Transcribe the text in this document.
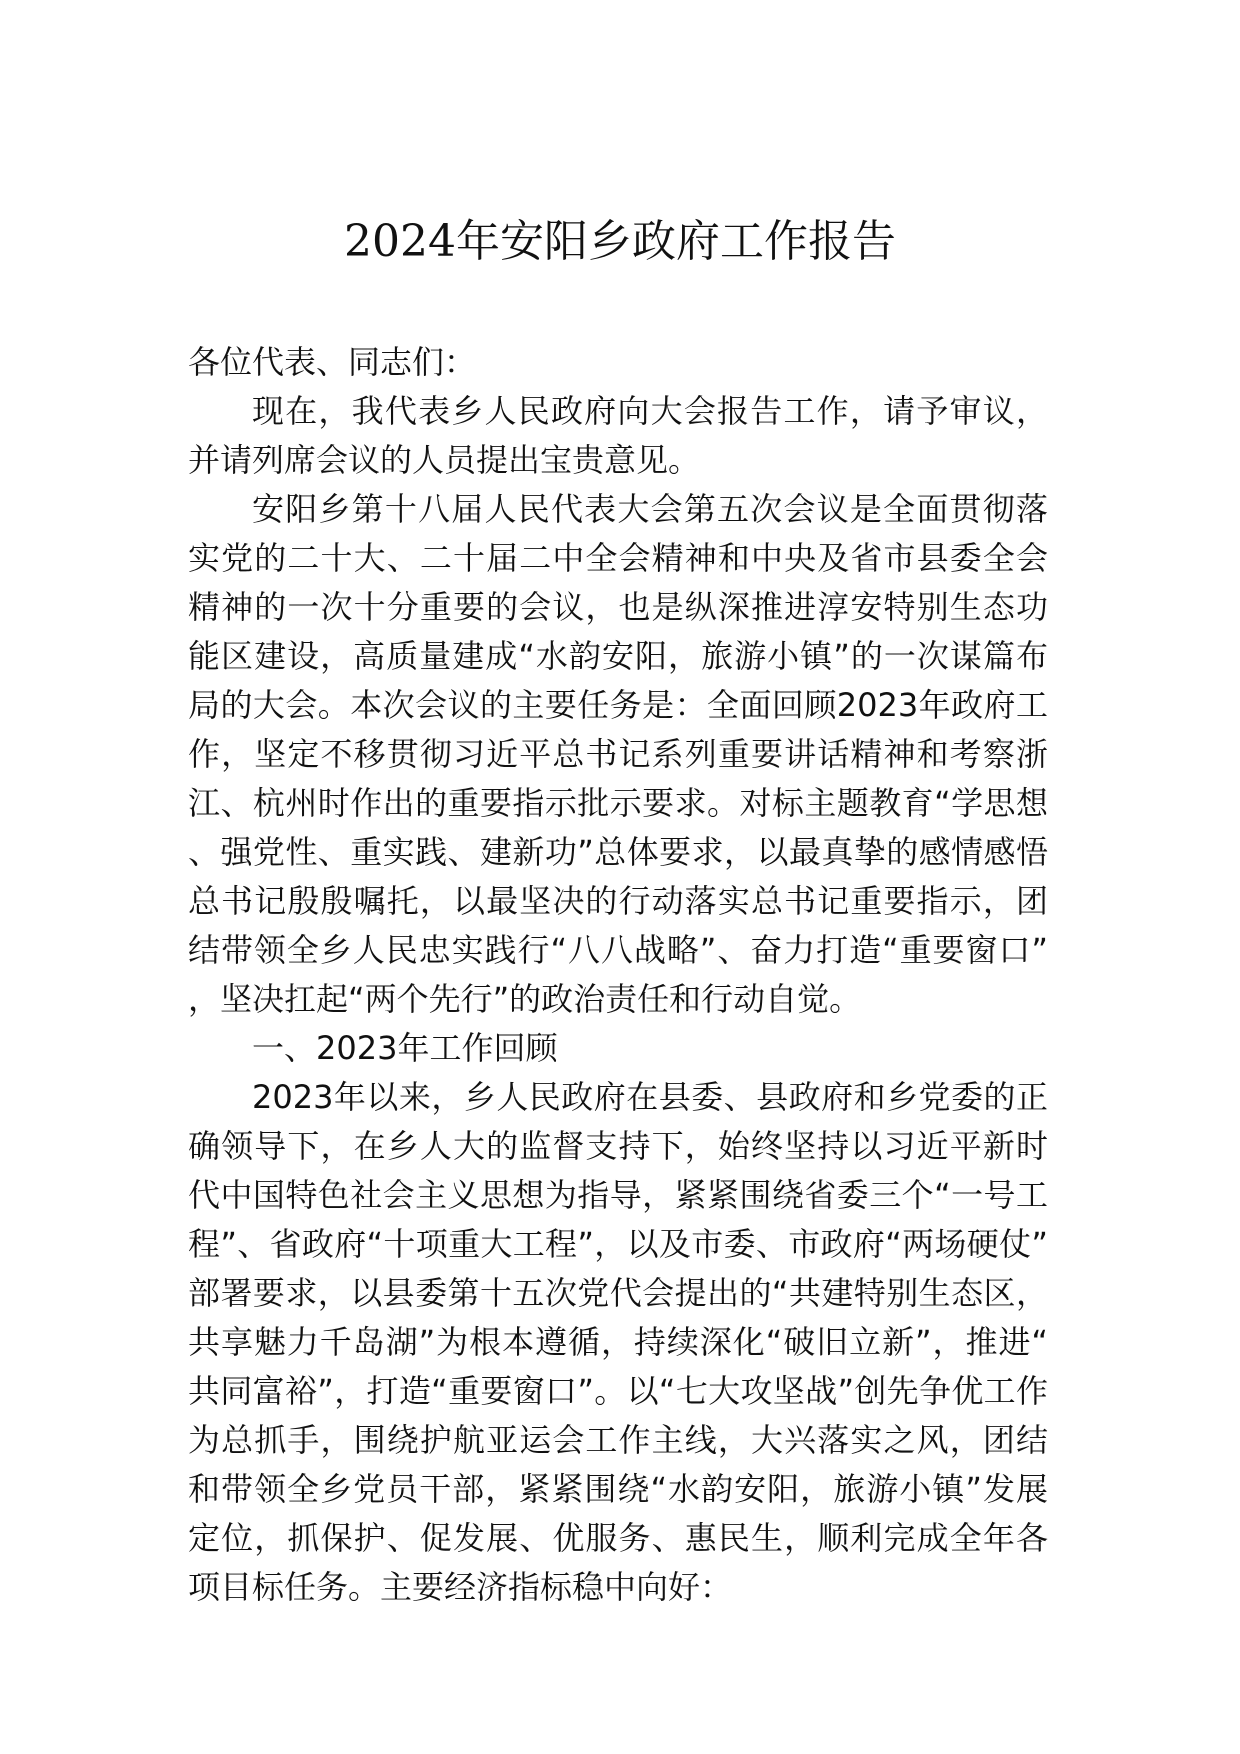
2024年安阳乡政府工作报告

各位代表、同志们：

现在，我代表乡人民政府向大会报告工作，请予审议，并请列席会议的人员提出宝贵意见。

安阳乡第十八届人民代表大会第五次会议是全面贯彻落实党的二十大、二十届二中全会精神和中央及省市县委全会精神的一次十分重要的会议，也是纵深推进淳安特别生态功能区建设，高质量建成“水韵安阳，旅游小镇”的一次谋篇布局的大会。本次会议的主要任务是：全面回顾2023年政府工作，坚定不移贯彻习近平总书记系列重要讲话精神和考察浙江、杭州时作出的重要指示批示要求。对标主题教育“学思想、强党性、重实践、建新功”总体要求，以最真挚的感情感悟总书记殷殷嘱托，以最坚决的行动落实总书记重要指示，团结带领全乡人民忠实践行“八八战略”、奋力打造“重要窗口”，坚决扛起“两个先行”的政治责任和行动自觉。

一、2023年工作回顾

2023年以来，乡人民政府在县委、县政府和乡党委的正确领导下，在乡人大的监督支持下，始终坚持以习近平新时代中国特色社会主义思想为指导，紧紧围绕省委三个“一号工程”、省政府“十项重大工程”，以及市委、市政府“两场硬仗”部署要求，以县委第十五次党代会提出的“共建特别生态区，共享魅力千岛湖”为根本遵循，持续深化“破旧立新”，推进“共同富裕”，打造“重要窗口”。以“七大攻坚战”创先争优工作为总抓手，围绕护航亚运会工作主线，大兴落实之风，团结和带领全乡党员干部，紧紧围绕“水韵安阳，旅游小镇”发展定位，抓保护、促发展、优服务、惠民生，顺利完成全年各项目标任务。主要经济指标稳中向好：
